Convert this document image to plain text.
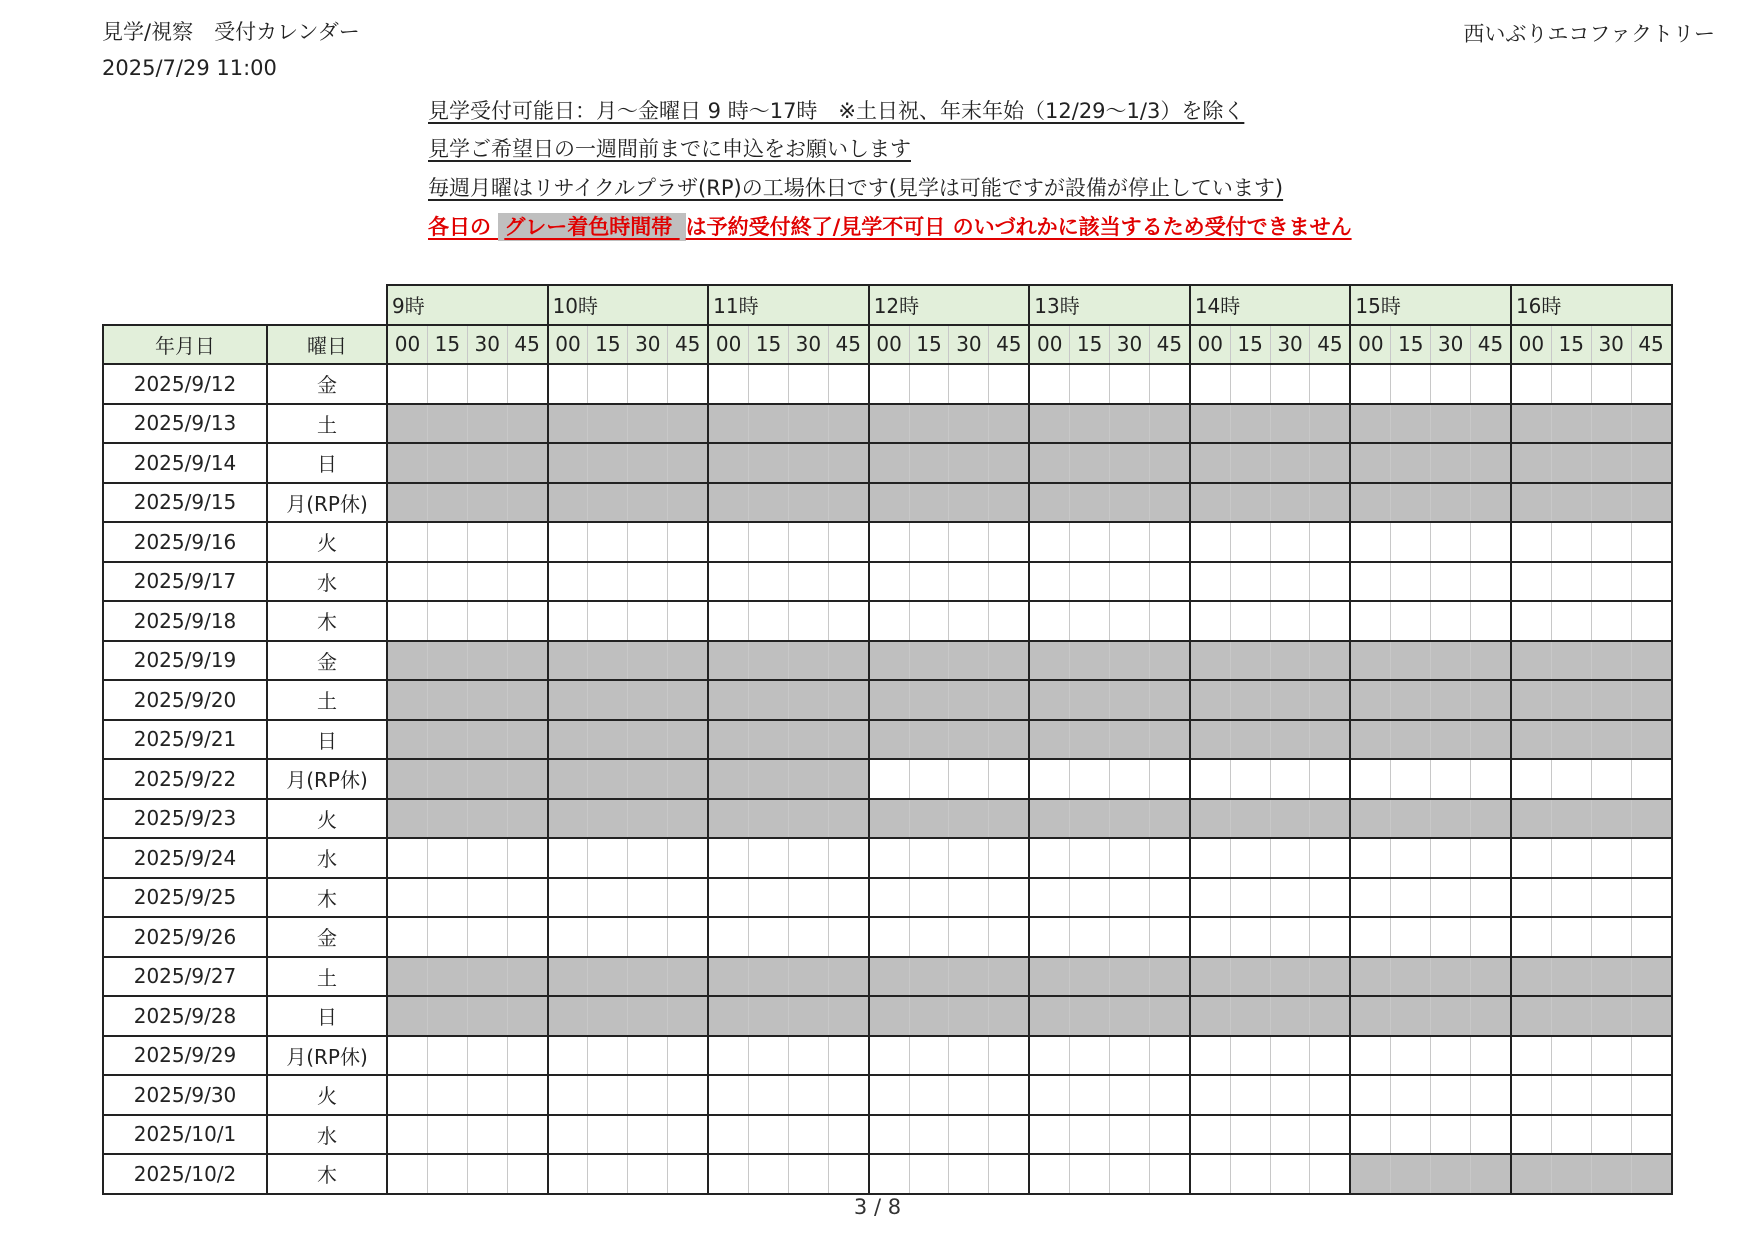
見学/視察　受付カレンダー
2025/7/29 11:00
西いぶりエコファクトリー
見学受付可能日：月～金曜日 9 時～17時　※土日祝、年末年始（12/29～1/3）を除く
見学ご希望日の一週間前までに申込をお願いします
毎週月曜はリサイクルプラザ(RP)の工場休日です(見学は可能ですが設備が停止しています)
各日の グレー着色時間帯 は予約受付終了/見学不可日 のいづれかに該当するため受付できません
		9時				10時				11時				12時				13時				14時				15時				16時			
年月日	曜日	00	15	30	45	00	15	30	45	00	15	30	45	00	15	30	45	00	15	30	45	00	15	30	45	00	15	30	45	00	15	30	45
2025/9/12	金																																
2025/9/13	土																																
2025/9/14	日																																
2025/9/15	月(RP休)																																
2025/9/16	火																																
2025/9/17	水																																
2025/9/18	木																																
2025/9/19	金																																
2025/9/20	土																																
2025/9/21	日																																
2025/9/22	月(RP休)																																
2025/9/23	火																																
2025/9/24	水																																
2025/9/25	木																																
2025/9/26	金																																
2025/9/27	土																																
2025/9/28	日																																
2025/9/29	月(RP休)																																
2025/9/30	火																																
2025/10/1	水																																
2025/10/2	木																																
3 / 8
